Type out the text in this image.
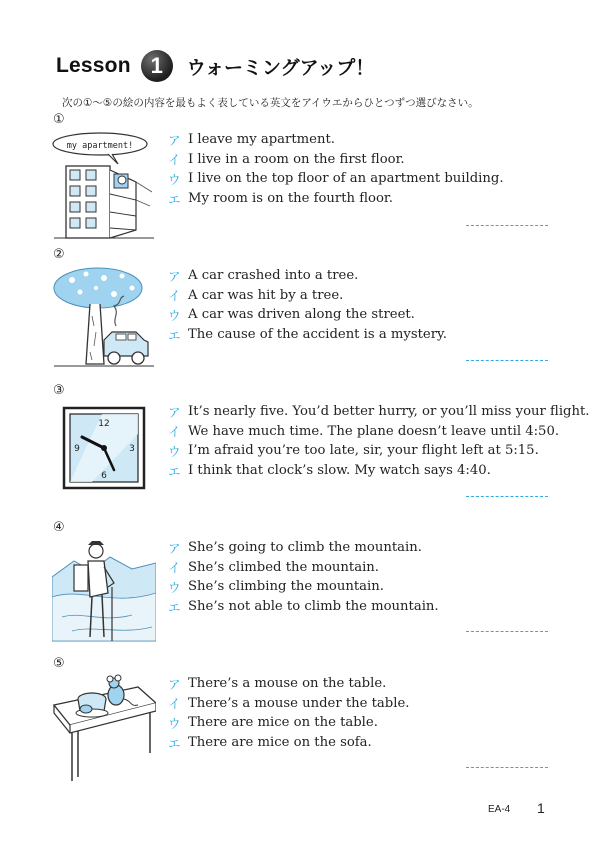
Lesson 1	ウォーミングアップ！
次の①～⑤の絵の内容を最もよく表している英文をアイウエからひとつずつ選びなさい。
①
my apartment!	ア I leave my apartment.
イ I live in a room on the first floor.
ウ I live on the top floor of an apartment building.
エ My room is on the fourth floor.
②
ア A car crashed into a tree.
イ A car was hit by a tree.
ウ A car was driven along the street.
エ The cause of the accident is a mystery.
③
12
3
6
9
ア It’s nearly five. You’d better hurry, or you’ll miss your flight.
イ We have much time. The plane doesn’t leave until 4:50.
ウ I’m afraid you’re too late, sir, your flight left at 5:15.
エ I think that clock’s slow. My watch says 4:40.
④
ア She’s going to climb the mountain.
イ She’s climbed the mountain.
ウ She’s climbing the mountain.
エ She’s not able to climb the mountain.
⑤
ア There’s a mouse on the table.
イ There’s a mouse under the table.
ウ There are mice on the table.
エ There are mice on the sofa.
EA-4 1
